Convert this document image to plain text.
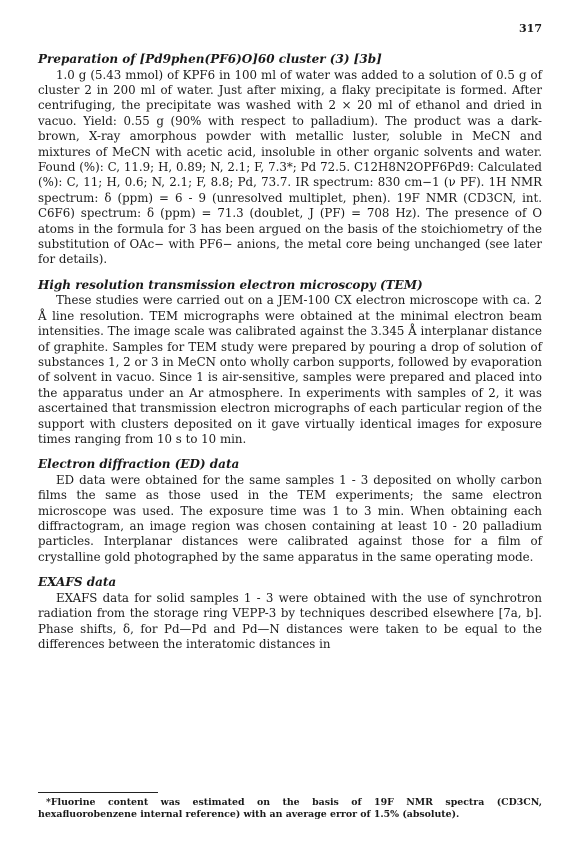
317

Preparation of [Pd9phen(PF6)O]60 cluster (3) [3b]

1.0 g (5.43 mmol) of KPF6 in 100 ml of water was added to a solution of 0.5 g of cluster 2 in 200 ml of water. Just after mixing, a flaky precipitate is formed. After centrifuging, the precipitate was washed with 2 × 20 ml of ethanol and dried in vacuo. Yield: 0.55 g (90% with respect to palladium). The product was a dark-brown, X-ray amorphous powder with metallic luster, soluble in MeCN and mixtures of MeCN with acetic acid, insoluble in other organic solvents and water. Found (%): C, 11.9; H, 0.89; N, 2.1; F, 7.3*; Pd 72.5. C12H8N2OPF6Pd9: Calculated (%): C, 11; H, 0.6; N, 2.1; F, 8.8; Pd, 73.7. IR spectrum: 830 cm−1 (ν PF). 1H NMR spectrum: δ (ppm) = 6 - 9 (unresolved multiplet, phen). 19F NMR (CD3CN, int. C6F6) spectrum: δ (ppm) = 71.3 (doublet, J (PF) = 708 Hz). The presence of O atoms in the formula for 3 has been argued on the basis of the stoichiometry of the substitution of OAc− with PF6− anions, the metal core being unchanged (see later for details).

High resolution transmission electron microscopy (TEM)

These studies were carried out on a JEM-100 CX electron microscope with ca. 2 Å line resolution. TEM micrographs were obtained at the minimal electron beam intensities. The image scale was calibrated against the 3.345 Å interplanar distance of graphite. Samples for TEM study were prepared by pouring a drop of solution of substances 1, 2 or 3 in MeCN onto wholly carbon supports, followed by evaporation of solvent in vacuo. Since 1 is air-sensitive, samples were prepared and placed into the apparatus under an Ar atmosphere. In experiments with samples of 2, it was ascertained that transmission electron micrographs of each particular region of the support with clusters deposited on it gave virtually identical images for exposure times ranging from 10 s to 10 min.

Electron diffraction (ED) data

ED data were obtained for the same samples 1 - 3 deposited on wholly carbon films the same as those used in the TEM experiments; the same electron microscope was used. The exposure time was 1 to 3 min. When obtaining each diffractogram, an image region was chosen containing at least 10 - 20 palladium particles. Interplanar distances were calibrated against those for a film of crystalline gold photographed by the same apparatus in the same operating mode.

EXAFS data

EXAFS data for solid samples 1 - 3 were obtained with the use of synchrotron radiation from the storage ring VEPP-3 by techniques described elsewhere [7a, b]. Phase shifts, δ, for Pd—Pd and Pd—N distances were taken to be equal to the differences between the interatomic distances in

*Fluorine content was estimated on the basis of 19F NMR spectra (CD3CN, hexafluorobenzene internal reference) with an average error of 1.5% (absolute).
